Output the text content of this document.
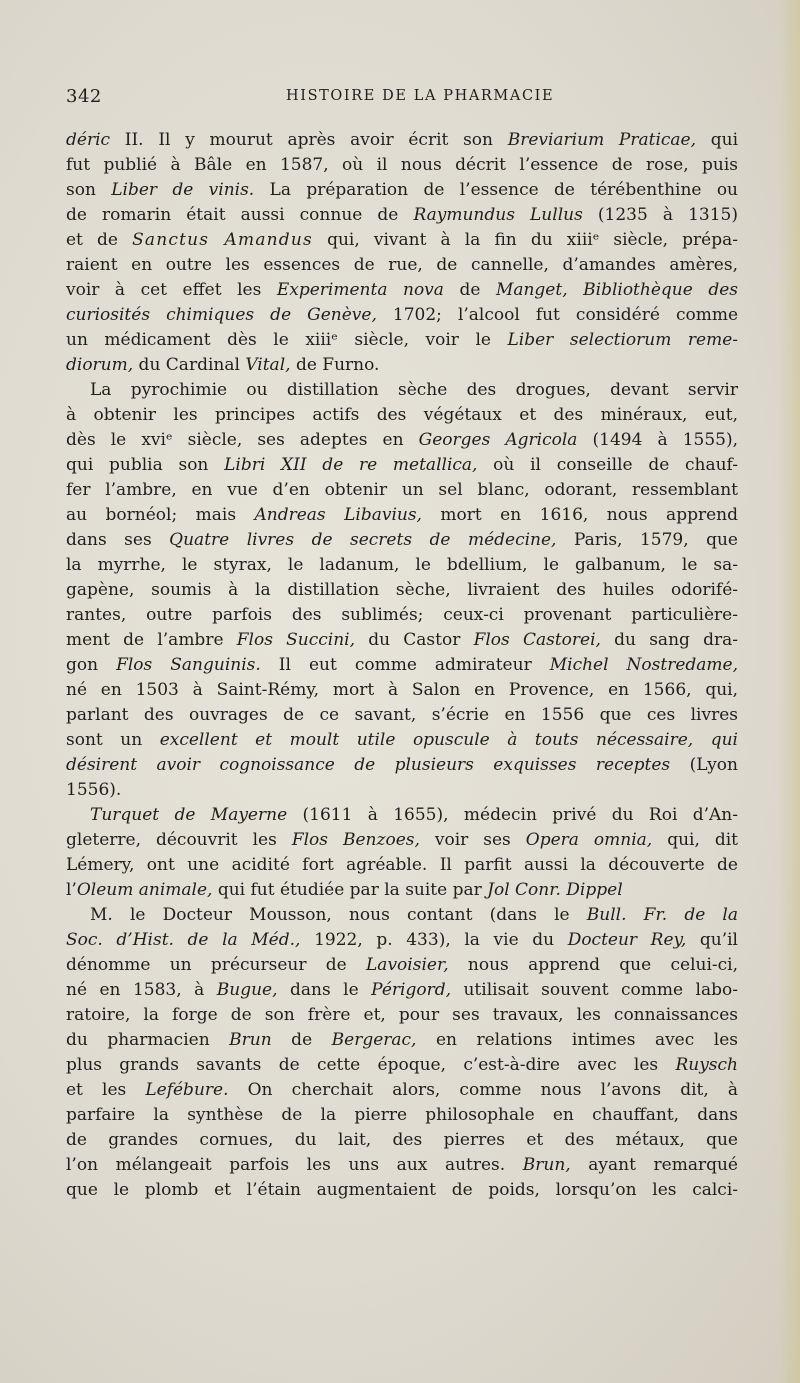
342	HISTOIRE DE LA PHARMACIE
déric II. Il y mourut après avoir écrit son Breviarium Praticae, qui
fut publié à Bâle en 1587, où il nous décrit l’essence de rose, puis
son Liber de vinis. La préparation de l’essence de térébenthine ou
de romarin était aussi connue de Raymundus Lullus (1235 à 1315)
et de Sanctus Amandus qui, vivant à la fin du xiiiᵉ siècle, prépa-
raient en outre les essences de rue, de cannelle, d’amandes amères,
voir à cet effet les Experimenta nova de Manget, Bibliothèque des
curiosités chimiques de Genève, 1702; l’alcool fut considéré comme
un médicament dès le xiiiᵉ siècle, voir le Liber selectiorum reme-
diorum, du Cardinal Vital, de Furno.
La pyrochimie ou distillation sèche des drogues, devant servir
à obtenir les principes actifs des végétaux et des minéraux, eut,
dès le xviᵉ siècle, ses adeptes en Georges Agricola (1494 à 1555),
qui publia son Libri XII de re metallica, où il conseille de chauf-
fer l’ambre, en vue d’en obtenir un sel blanc, odorant, ressemblant
au bornéol; mais Andreas Libavius, mort en 1616, nous apprend
dans ses Quatre livres de secrets de médecine, Paris, 1579, que
la myrrhe, le styrax, le ladanum, le bdellium, le galbanum, le sa-
gapène, soumis à la distillation sèche, livraient des huiles odorifé-
rantes, outre parfois des sublimés; ceux-ci provenant particulière-
ment de l’ambre Flos Succini, du Castor Flos Castorei, du sang dra-
gon Flos Sanguinis. Il eut comme admirateur Michel Nostredame,
né en 1503 à Saint-Rémy, mort à Salon en Provence, en 1566, qui,
parlant des ouvrages de ce savant, s’écrie en 1556 que ces livres
sont un excellent et moult utile opuscule à touts nécessaire, qui
désirent avoir cognoissance de plusieurs exquisses receptes (Lyon
1556).
Turquet de Mayerne (1611 à 1655), médecin privé du Roi d’An-
gleterre, découvrit les Flos Benzoes, voir ses Opera omnia, qui, dit
Lémery, ont une acidité fort agréable. Il parfit aussi la découverte de
l’Oleum animale, qui fut étudiée par la suite par Jol Conr. Dippel
M. le Docteur Mousson, nous contant (dans le Bull. Fr. de la
Soc. d’Hist. de la Méd., 1922, p. 433), la vie du Docteur Rey, qu’il
dénomme un précurseur de Lavoisier, nous apprend que celui-ci,
né en 1583, à Bugue, dans le Périgord, utilisait souvent comme labo-
ratoire, la forge de son frère et, pour ses travaux, les connaissances
du pharmacien Brun de Bergerac, en relations intimes avec les
plus grands savants de cette époque, c’est-à-dire avec les Ruysch
et les Lefébure. On cherchait alors, comme nous l’avons dit, à
parfaire la synthèse de la pierre philosophale en chauffant, dans
de grandes cornues, du lait, des pierres et des métaux, que
l’on mélangeait parfois les uns aux autres. Brun, ayant remarqué
que le plomb et l’étain augmentaient de poids, lorsqu’on les calci-
